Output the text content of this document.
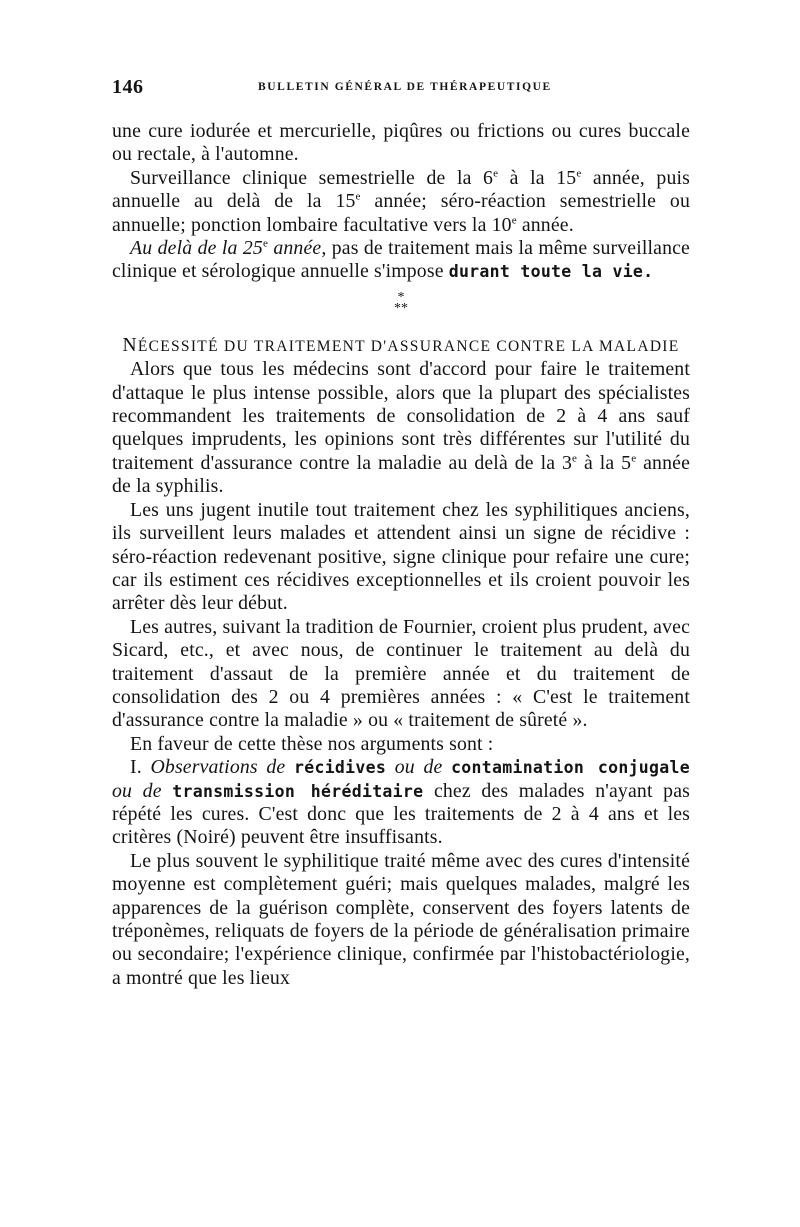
146	BULLETIN GÉNÉRAL DE THÉRAPEUTIQUE

une cure iodurée et mercurielle, piqûres ou frictions ou cures buccale ou rectale, à l'automne.

Surveillance clinique semestrielle de la 6e à la 15e année, puis annuelle au delà de la 15e année; séro-réaction semestrielle ou annuelle; ponction lombaire facultative vers la 10e année.

Au delà de la 25e année, pas de traitement mais la même surveillance clinique et sérologique annuelle s'impose durant toute la vie.

*
**

NÉCESSITÉ DU TRAITEMENT D'ASSURANCE CONTRE LA MALADIE

Alors que tous les médecins sont d'accord pour faire le traitement d'attaque le plus intense possible, alors que la plupart des spécialistes recommandent les traitements de consolidation de 2 à 4 ans sauf quelques imprudents, les opinions sont très différentes sur l'utilité du traitement d'assurance contre la maladie au delà de la 3e à la 5e année de la syphilis.

Les uns jugent inutile tout traitement chez les syphilitiques anciens, ils surveillent leurs malades et attendent ainsi un signe de récidive : séro-réaction redevenant positive, signe clinique pour refaire une cure; car ils estiment ces récidives exceptionnelles et ils croient pouvoir les arrêter dès leur début.

Les autres, suivant la tradition de Fournier, croient plus prudent, avec Sicard, etc., et avec nous, de continuer le traitement au delà du traitement d'assaut de la première année et du traitement de consolidation des 2 ou 4 premières années : « C'est le traitement d'assurance contre la maladie » ou « traitement de sûreté ».

En faveur de cette thèse nos arguments sont :

I. Observations de récidives ou de contamination conjugale ou de transmission héréditaire chez des malades n'ayant pas répété les cures. C'est donc que les traitements de 2 à 4 ans et les critères (Noiré) peuvent être insuffisants.

Le plus souvent le syphilitique traité même avec des cures d'intensité moyenne est complètement guéri; mais quelques malades, malgré les apparences de la guérison complète, conservent des foyers latents de tréponèmes, reliquats de foyers de la période de généralisation primaire ou secondaire; l'expérience clinique, confirmée par l'histobactériologie, a montré que les lieux
